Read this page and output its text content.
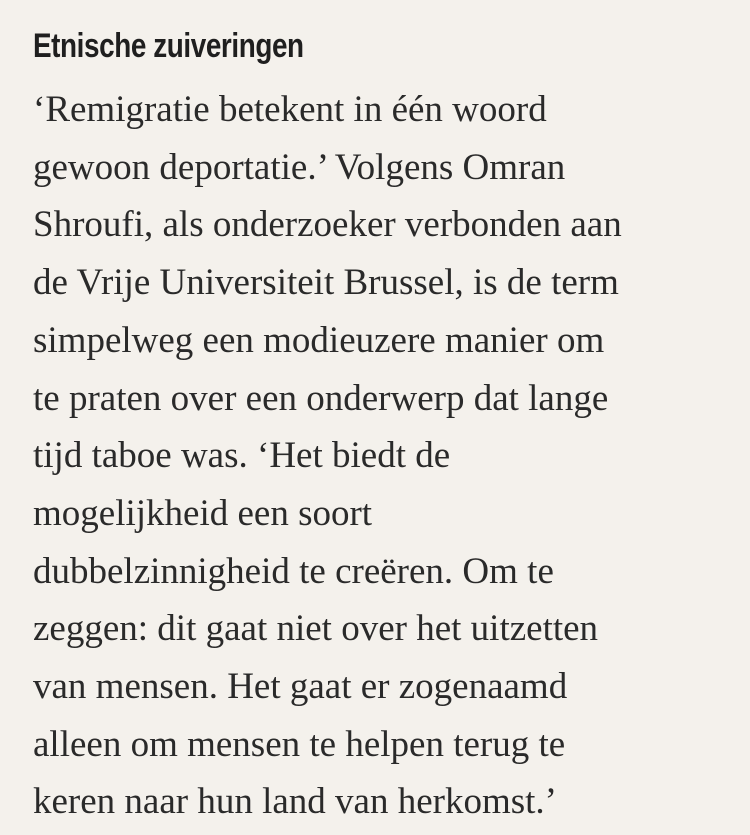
Etnische zuiveringen
‘Remigratie betekent in één woord
gewoon deportatie.’ Volgens Omran
Shroufi, als onderzoeker verbonden aan
de Vrije Universiteit Brussel, is de term
simpelweg een modieuzere manier om
te praten over een onderwerp dat lange
tijd taboe was. ‘Het biedt de
mogelijkheid een soort
dubbelzinnigheid te creëren. Om te
zeggen: dit gaat niet over het uitzetten
van mensen. Het gaat er zogenaamd
alleen om mensen te helpen terug te
keren naar hun land van herkomst.’
